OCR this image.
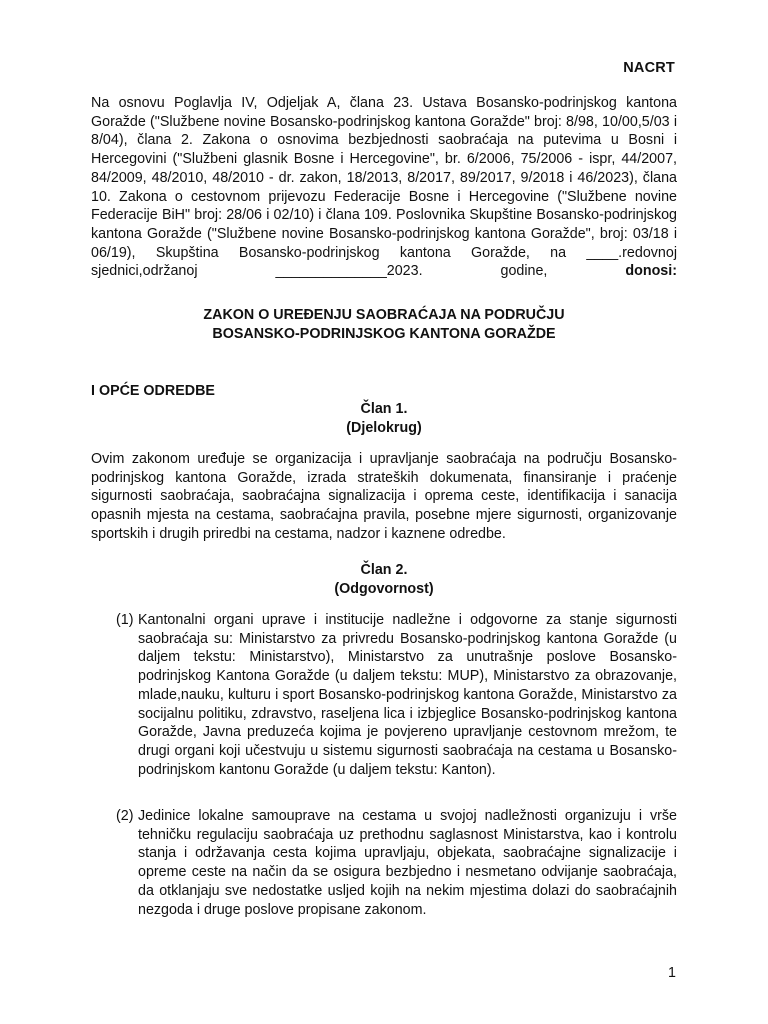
NACRT

Na osnovu Poglavlja IV, Odjeljak A, člana 23. Ustava Bosansko-podrinjskog kantona Goražde ("Službene novine Bosansko-podrinjskog kantona Goražde" broj: 8/98, 10/00,5/03 i 8/04), člana 2. Zakona o osnovima bezbjednosti saobraćaja na putevima u Bosni i Hercegovini ("Službeni glasnik Bosne i Hercegovine", br. 6/2006, 75/2006 - ispr, 44/2007, 84/2009, 48/2010, 48/2010 - dr. zakon, 18/2013, 8/2017, 89/2017, 9/2018 i 46/2023), člana 10. Zakona o cestovnom prijevozu Federacije Bosne i Hercegovine ("Službene novine Federacije BiH" broj: 28/06 i 02/10) i člana 109. Poslovnika Skupštine Bosansko-podrinjskog kantona Goražde ("Službene novine Bosansko-podrinjskog kantona Goražde", broj: 03/18 i 06/19), Skupština Bosansko-podrinjskog kantona Goražde, na ____.redovnoj sjednici,održanoj ______________2023. godine,	donosi:

ZAKON O UREĐENJU SAOBRAĆAJA NA PODRUČJU
BOSANSKO-PODRINJSKOG KANTONA GORAŽDE
I OPĆE ODREDBE
Član 1.
(Djelokrug)

Ovim zakonom uređuje se organizacija i upravljanje saobraćaja na području Bosansko-podrinjskog kantona Goražde, izrada strateških dokumenata, finansiranje i praćenje sigurnosti saobraćaja, saobraćajna signalizacija i oprema ceste, identifikacija i sanacija opasnih mjesta na cestama, saobraćajna pravila, posebne mjere sigurnosti, organizovanje sportskih i drugih priredbi na cestama, nadzor i kaznene odredbe.

Član 2.
(Odgovornost)
(1) Kantonalni organi uprave i institucije nadležne i odgovorne za stanje sigurnosti saobraćaja su: Ministarstvo za privredu Bosansko-podrinjskog kantona Goražde (u daljem tekstu: Ministarstvo), Ministarstvo za unutrašnje poslove Bosansko-podrinjskog Kantona Goražde (u daljem tekstu: MUP), Ministarstvo za obrazovanje, mlade,nauku, kulturu i sport Bosansko-podrinjskog kantona Goražde, Ministarstvo za socijalnu politiku, zdravstvo, raseljena lica i izbjeglice Bosansko-podrinjskog kantona Goražde, Javna preduzeća kojima je povjereno upravljanje cestovnom mrežom, te drugi organi koji učestvuju u sistemu sigurnosti saobraćaja na cestama u Bosansko-podrinjskom kantonu Goražde (u daljem tekstu: Kanton).
(2) Jedinice lokalne samouprave na cestama u svojoj nadležnosti organizuju i vrše tehničku regulaciju saobraćaja uz prethodnu saglasnost Ministarstva, kao i kontrolu stanja i održavanja cesta kojima upravljaju, objekata, saobraćajne signalizacije i opreme ceste na način da se osigura bezbjedno i nesmetano odvijanje saobraćaja, da otklanjaju sve nedostatke usljed kojih na nekim mjestima dolazi do saobraćajnih nezgoda i druge poslove propisane zakonom.
1
